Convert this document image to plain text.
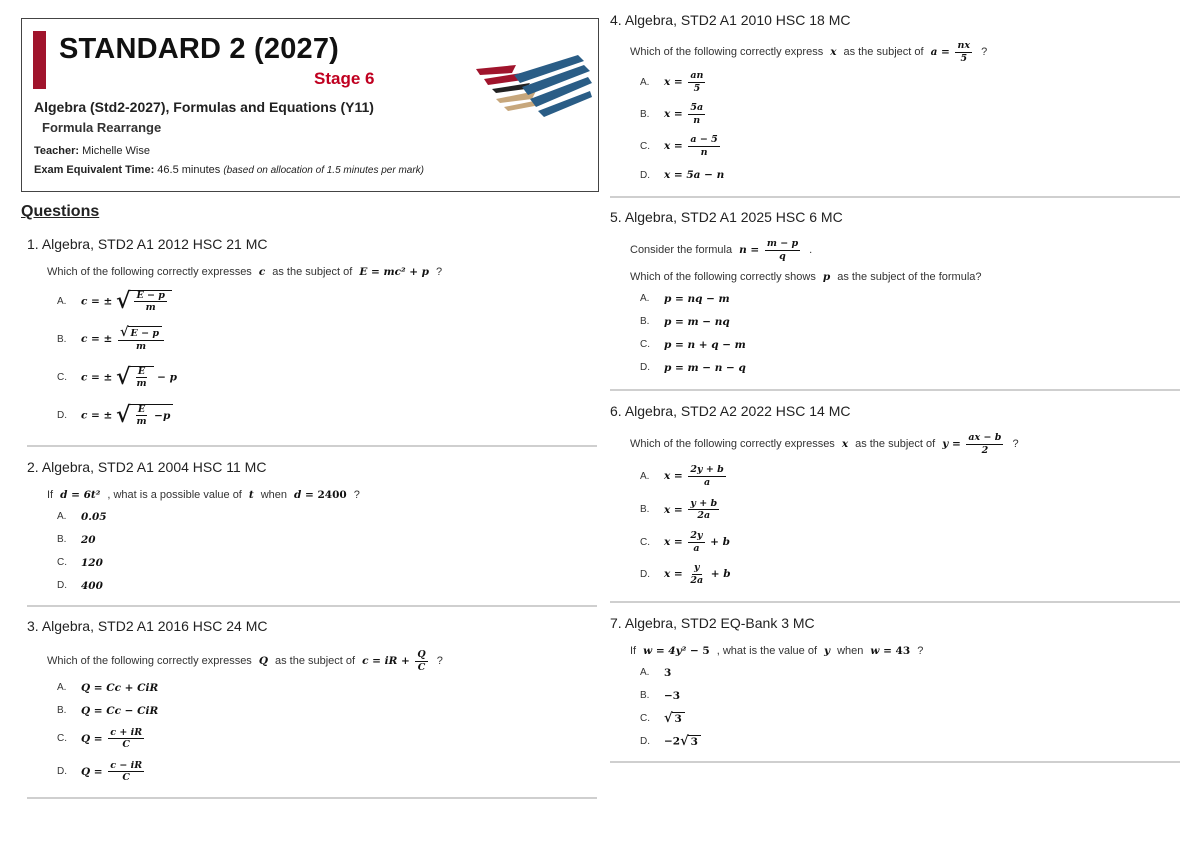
STANDARD 2 (2027)
Stage 6
Algebra (Std2-2027), Formulas and Equations (Y11)
Formula Rearrange
Teacher: Michelle Wise
Exam Equivalent Time: 46.5 minutes (based on allocation of 1.5 minutes per mark)
Questions
1. Algebra, STD2 A1 2012 HSC 21 MC
Which of the following correctly expresses c as the subject of E = mc² + p ?
A.	c = ± √ $\frac{E - p}{m}$
B.	c = ± $\frac{√ E - p}{m}$
C.	c = ± √ $\frac{E}{m} - p$
D.	c = ± √ $\frac{E}{m} - p$
2. Algebra, STD2 A1 2004 HSC 11 MC
If d = 6t² , what is a possible value of t when d = 2400 ?
A.	0.05
B.	20
C.	120
D.	400
3. Algebra, STD2 A1 2016 HSC 24 MC
Which of the following correctly expresses Q as the subject of c = iR + $\frac{Q}{C}$ ?
A.	Q = Cc + CiR
B.	Q = Cc − CiR
C.	$Q = \frac{c + iR}{C}$
D.	$Q = \frac{c - iR}{C}$
4. Algebra, STD2 A1 2010 HSC 18 MC
Which of the following correctly express x as the subject of $a = \frac{nx}{5}$ ?
A.	$x = \frac{an}{5}$
B.	$x = \frac{5a}{n}$
C.	$x = \frac{a - 5}{n}$
D.	x = 5a − n
5. Algebra, STD2 A1 2025 HSC 6 MC
Consider the formula $n = \frac{m - p}{q}$ .
Which of the following correctly shows p as the subject of the formula?
A.	p = nq − m
B.	p = m − nq
C.	p = n + q − m
D.	p = m − n − q
6. Algebra, STD2 A2 2022 HSC 14 MC
Which of the following correctly expresses x as the subject of $y = \frac{ax - b}{2}$ ?
A.	$x = \frac{2y + b}{a}$
B.	$x = \frac{y + b}{2a}$
C.	$x = \frac{2y}{a} + b$
D.	$x = \frac{y}{2a} + b$
7. Algebra, STD2 EQ-Bank 3 MC
If w = 4y² − 5 , what is the value of y when w = 43 ?
A.	3
B.	−3
C.	√ 3
D.	−2 √ 3
